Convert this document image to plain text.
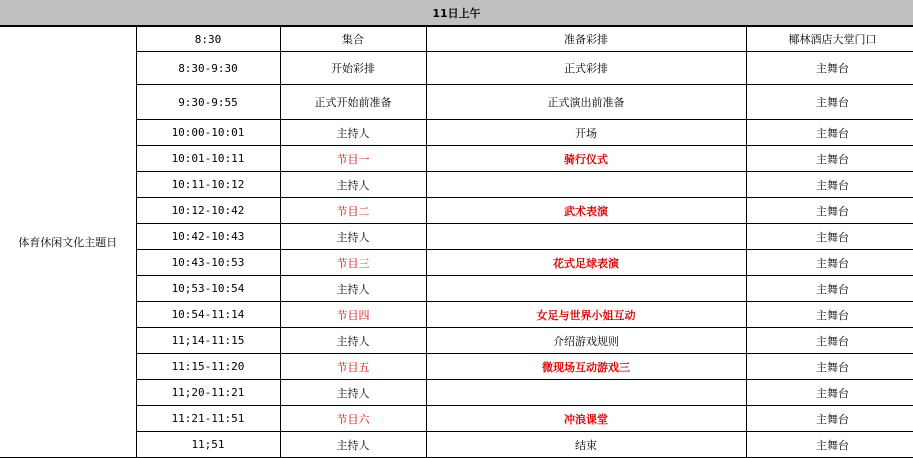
11日上午
体育休闲文化主题日	8:30	集合	准备彩排	椰林酒店大堂门口
	8:30-9:30	开始彩排	正式彩排	主舞台
	9:30-9:55	正式开始前准备	正式演出前准备	主舞台
	10:00-10:01	主持人	开场	主舞台
	10:01-10:11	节目一	骑行仪式	主舞台
	10:11-10:12	主持人		主舞台
	10:12-10:42	节目二	武术表演	主舞台
	10:42-10:43	主持人		主舞台
	10:43-10:53	节目三	花式足球表演	主舞台
	10;53-10:54	主持人		主舞台
	10:54-11:14	节目四	女足与世界小姐互动	主舞台
	11;14-11:15	主持人	介绍游戏规则	主舞台
	11:15-11:20	节目五	微现场互动游戏三	主舞台
	11;20-11:21	主持人		主舞台
	11:21-11:51	节目六	冲浪课堂	主舞台
	11;51	主持人	结束	主舞台
